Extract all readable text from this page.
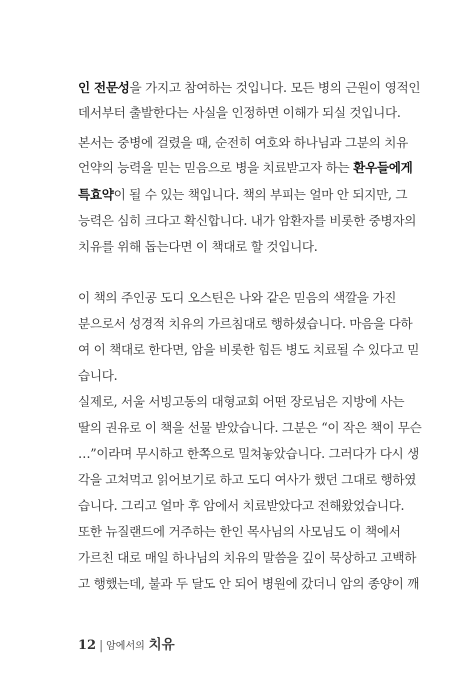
인 전문성을 가지고 참여하는 것입니다. 모든 병의 근원이 영적인
데서부터 출발한다는 사실을 인정하면 이해가 되실 것입니다.
본서는 중병에 걸렸을 때, 순전히 여호와 하나님과 그분의 치유
언약의 능력을 믿는 믿음으로 병을 치료받고자 하는 환우들에게
특효약이 될 수 있는 책입니다. 책의 부피는 얼마 안 되지만, 그
능력은 심히 크다고 확신합니다. 내가 암환자를 비롯한 중병자의
치유를 위해 돕는다면 이 책대로 할 것입니다.
이 책의 주인공 도디 오스틴은 나와 같은 믿음의 색깔을 가진
분으로서 성경적 치유의 가르침대로 행하셨습니다. 마음을 다하
여 이 책대로 한다면, 암을 비롯한 힘든 병도 치료될 수 있다고 믿
습니다.
실제로, 서울 서빙고동의 대형교회 어떤 장로님은 지방에 사는
딸의 권유로 이 책을 선물 받았습니다. 그분은 “이 작은 책이 무슨
…”이라며 무시하고 한쪽으로 밀쳐놓았습니다. 그러다가 다시 생
각을 고쳐먹고 읽어보기로 하고 도디 여사가 했던 그대로 행하였
습니다. 그리고 얼마 후 암에서 치료받았다고 전해왔었습니다.
또한 뉴질랜드에 거주하는 한인 목사님의 사모님도 이 책에서
가르친 대로 매일 하나님의 치유의 말씀을 깊이 묵상하고 고백하
고 행했는데, 불과 두 달도 안 되어 병원에 갔더니 암의 종양이 깨
12 | 암에서의 치유
